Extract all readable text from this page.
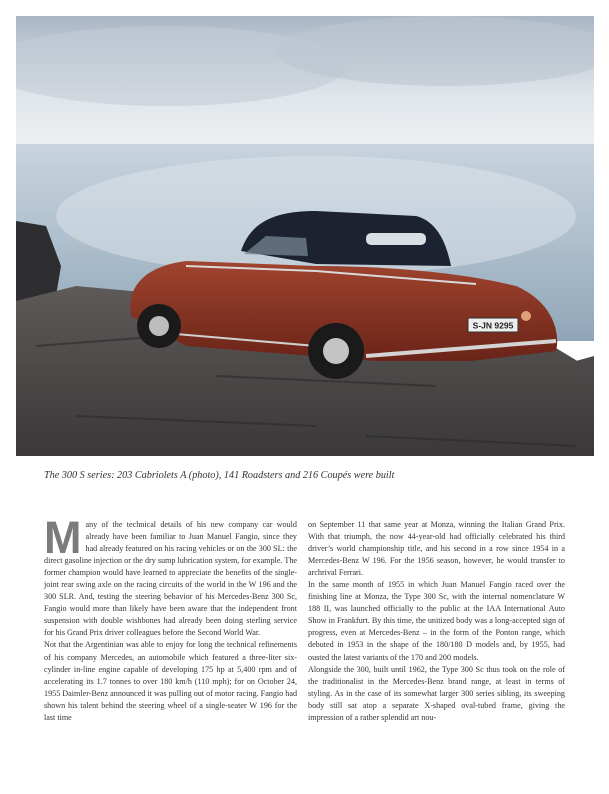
S-JN 9295
The 300 S series: 203 Cabriolets A (photo), 141 Roadsters and 216 Coupés were built

Many of the technical details of his new company car would already have been familiar to Juan Manuel Fangio, since they had already featured on his racing vehicles or on the 300 SL: the direct gasoline injection or the dry sump lubrication system, for example. The former champion would have learned to appreciate the benefits of the single-joint rear swing axle on the racing circuits of the world in the W 196 and the 300 SLR. And, testing the steering behavior of his Mercedes-Benz 300 Sc, Fangio would more than likely have been aware that the independent front suspension with double wishbones had already been doing sterling service for his Grand Prix driver colleagues before the Second World War.

Not that the Argentinian was able to enjoy for long the technical refinements of his company Mercedes, an automobile which featured a three-liter six-cylinder in-line engine capable of developing 175 hp at 5,400 rpm and of accelerating its 1.7 tonnes to over 180 km/h (110 mph); for on October 24, 1955 Daimler-Benz announced it was pulling out of motor racing. Fangio had shown his talent behind the steering wheel of a single-seater W 196 for the last time

on September 11 that same year at Monza, winning the Italian Grand Prix. With that triumph, the now 44-year-old had officially celebrated his third driver’s world championship title, and his second in a row since 1954 in a Mercedes-Benz W 196. For the 1956 season, however, he would transfer to archrival Ferrari.

In the same month of 1955 in which Juan Manuel Fangio raced over the finishing line at Monza, the Type 300 Sc, with the internal nomenclature W 188 II, was launched officially to the public at the IAA International Auto Show in Frankfurt. By this time, the unitized body was a long-accepted sign of progress, even at Mercedes-Benz – in the form of the Ponton range, which debuted in 1953 in the shape of the 180/180 D models and, by 1955, had ousted the latest variants of the 170 and 200 models.

Alongside the 300, built until 1962, the Type 300 Sc thus took on the role of the traditionalist in the Mercedes-Benz brand range, at least in terms of styling. As in the case of its somewhat larger 300 series sibling, its sweeping body still sat atop a separate X-shaped oval-tubed frame, giving the impression of a rather splendid art nou-
